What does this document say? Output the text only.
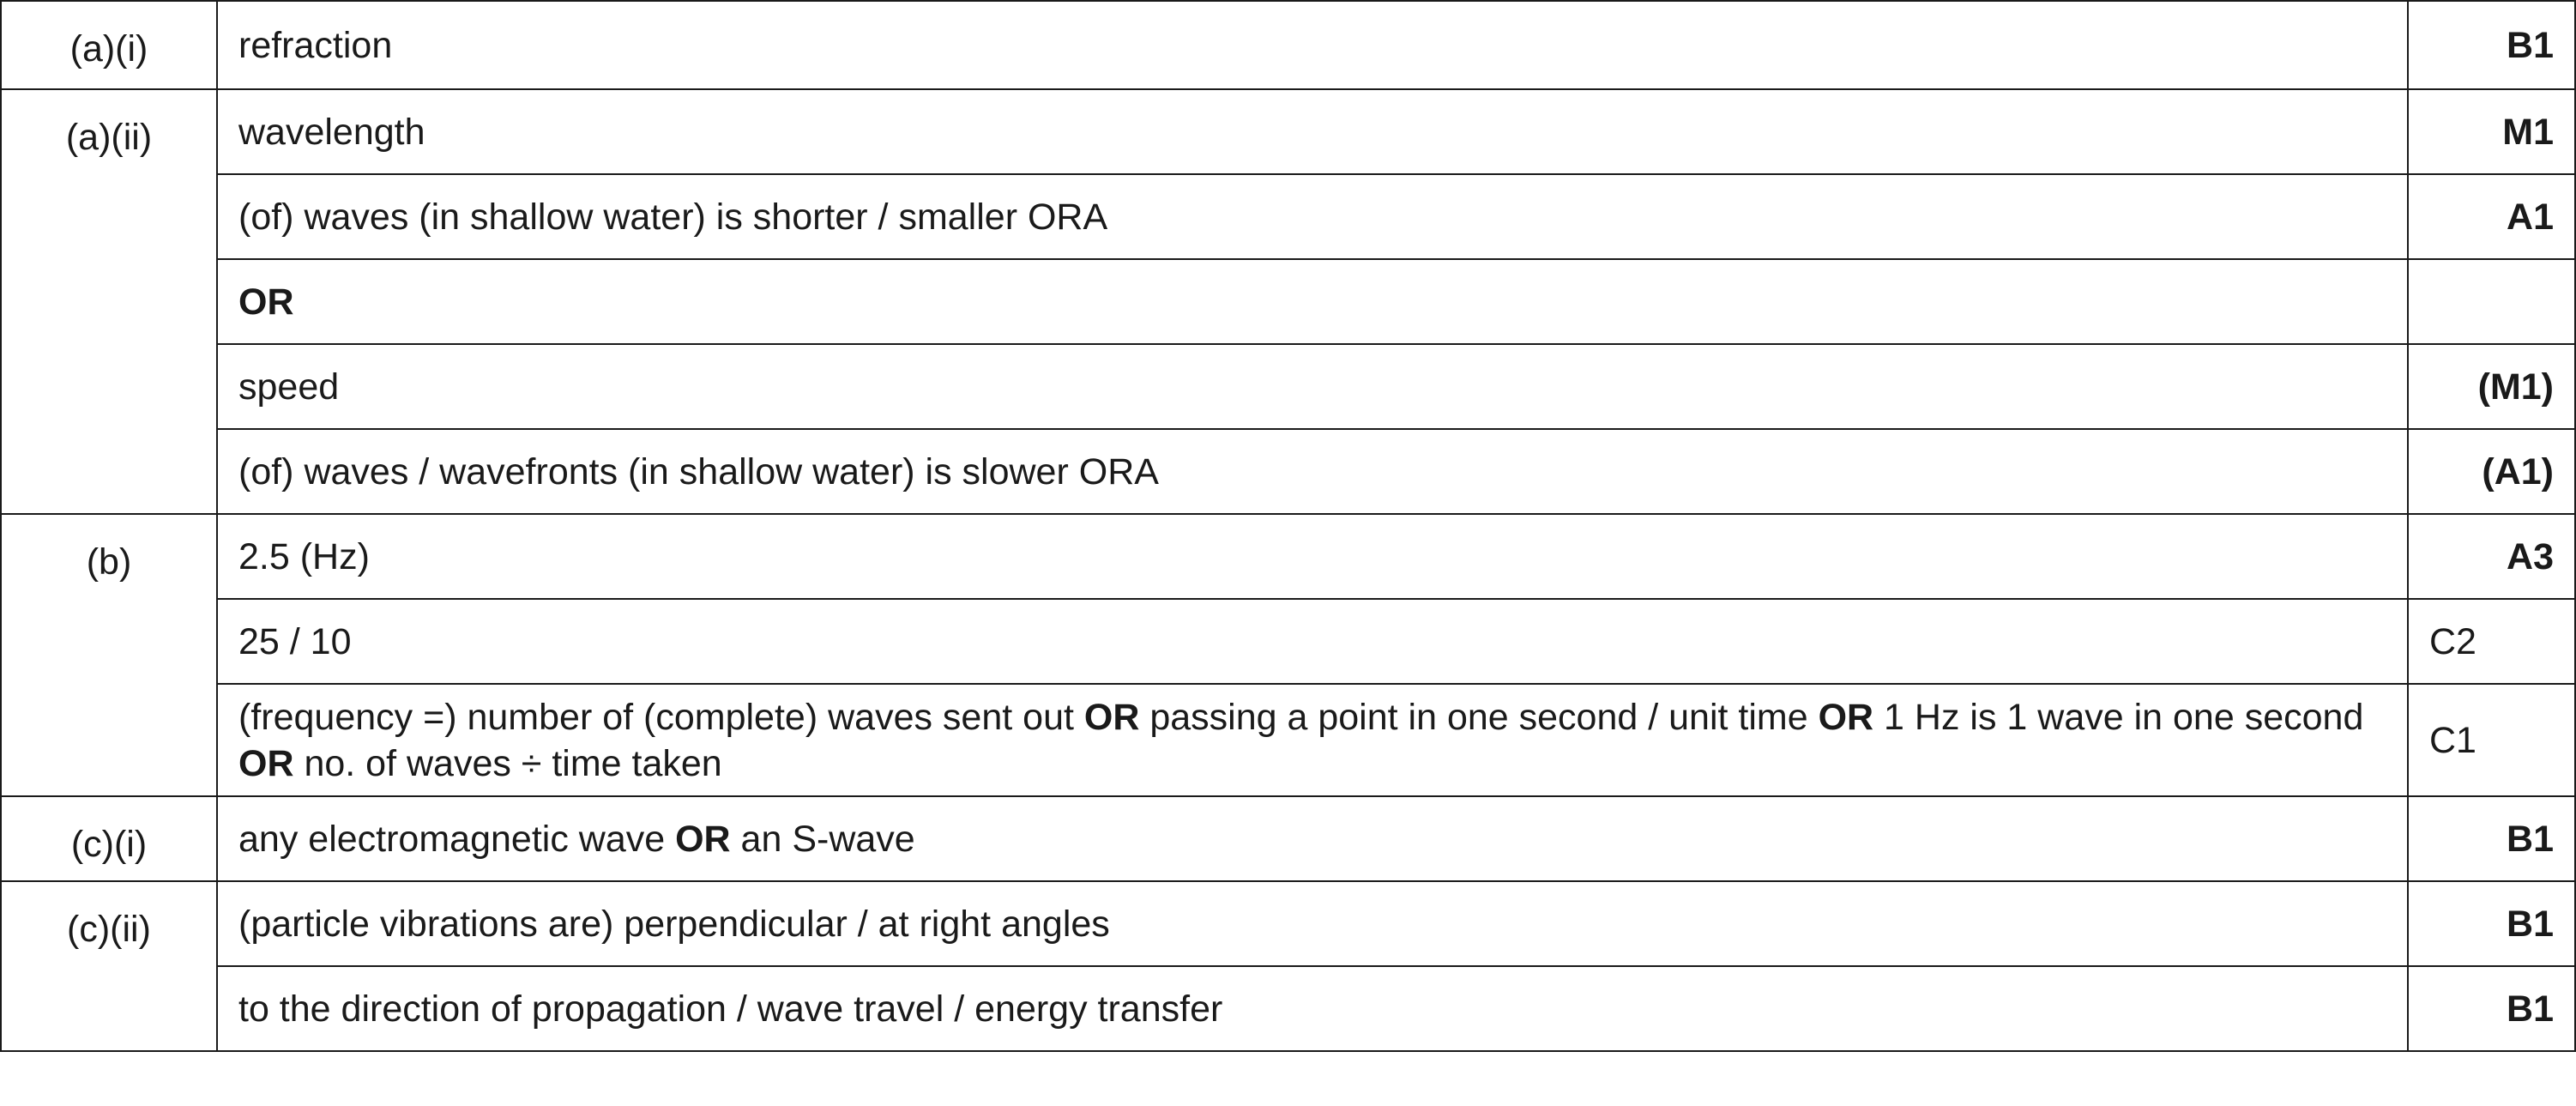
(a)(i)	refraction	B1
(a)(ii)	wavelength	M1
	(of) waves (in shallow water) is shorter / smaller ORA	A1
	OR	
	speed	(M1)
	(of) waves / wavefronts (in shallow water) is slower ORA	(A1)
(b)	2.5 (Hz)	A3
	25 / 10	C2
	(frequency =) number of (complete) waves sent out OR passing a point in one second / unit time OR 1 Hz is 1 wave in one second OR no. of waves ÷ time taken	C1
(c)(i)	any electromagnetic wave OR an S-wave	B1
(c)(ii)	(particle vibrations are) perpendicular / at right angles	B1
	to the direction of propagation / wave travel / energy transfer	B1
